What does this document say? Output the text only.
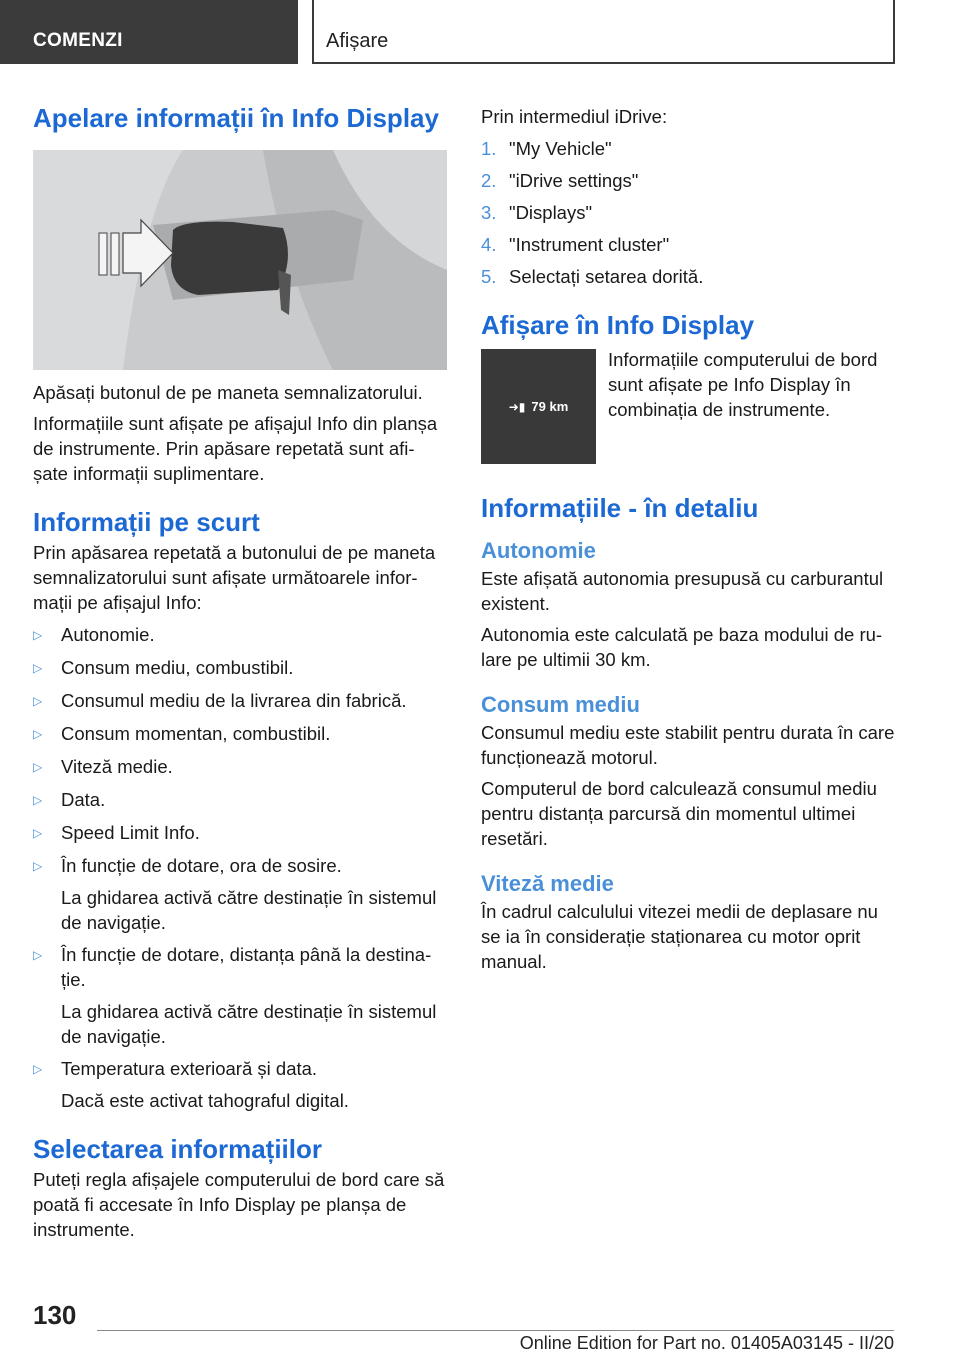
COMENZI	Afișare
Apelare informații în Info Display

Apăsați butonul de pe maneta semnalizatorului.

Informațiile sunt afișate pe afișajul Info din planșa de instrumente. Prin apăsare repetată sunt afi-șate informații suplimentare.

Informații pe scurt

Prin apăsarea repetată a butonului de pe maneta semnalizatorului sunt afișate următoarele infor-mații pe afișajul Info:

▷	Autonomie.
▷	Consum mediu, combustibil.
▷	Consumul mediu de la livrarea din fabrică.
▷	Consum momentan, combustibil.
▷	Viteză medie.
▷	Data.
▷	Speed Limit Info.
▷	În funcție de dotare, ora de sosire.
La ghidarea activă către destinație în sistemul de navigație.
▷	În funcție de dotare, distanța până la destina-ție.
La ghidarea activă către destinație în sistemul de navigație.
▷	Temperatura exterioară și data.
Dacă este activat tahograful digital.
Selectarea informațiilor

Puteți regla afișajele computerului de bord care să poată fi accesate în Info Display pe planșa de instrumente.

Prin intermediul iDrive:

1. "My Vehicle"
2. "iDrive settings"
3. "Displays"
4. "Instrument cluster"
5. Selectați setarea dorită.
Afișare în Info Display
➜▮ 79 km
Informațiile computerului de bord sunt afișate pe Info Display în combinația de instrumente.
Informațiile - în detaliu
Autonomie

Este afișată autonomia presupusă cu carburantul existent.

Autonomia este calculată pe baza modului de ru-lare pe ultimii 30 km.

Consum mediu

Consumul mediu este stabilit pentru durata în care funcționează motorul.

Computerul de bord calculează consumul mediu pentru distanța parcursă din momentul ultimei resetări.

Viteză medie

În cadrul calculului vitezei medii de deplasare nu se ia în considerație staționarea cu motor oprit manual.

130
Online Edition for Part no. 01405A03145 - II/20
